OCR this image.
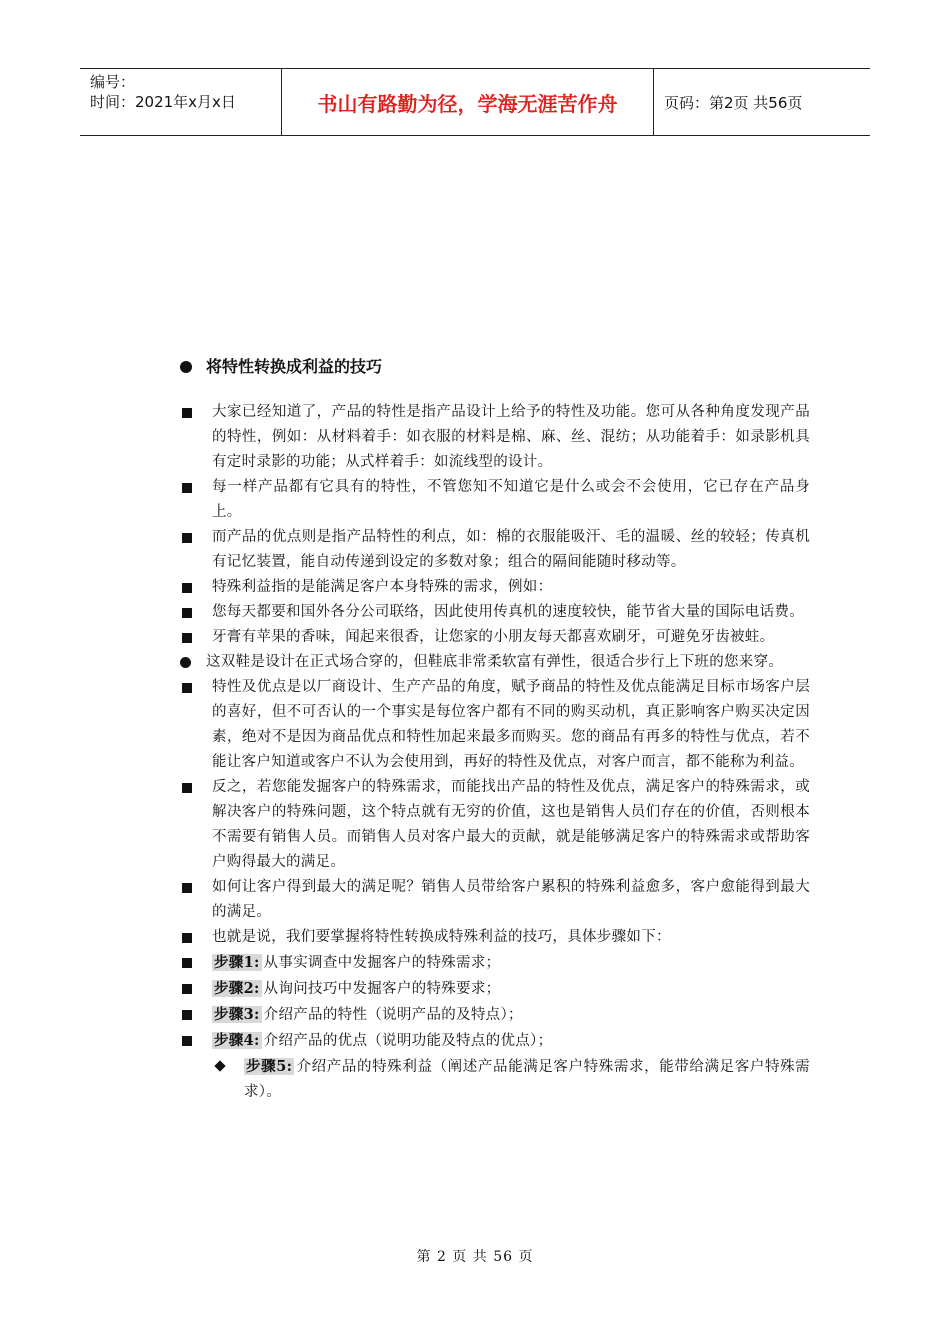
编号：
时间：2021年x月x日	书山有路勤为径，学海无涯苦作舟	页码：第2页 共56页
将特性转换成利益的技巧
大家已经知道了，产品的特性是指产品设计上给予的特性及功能。您可从各种角度发现产品的特性，例如：从材料着手：如衣服的材料是棉、麻、丝、混纺；从功能着手：如录影机具有定时录影的功能；从式样着手：如流线型的设计。
每一样产品都有它具有的特性，不管您知不知道它是什么或会不会使用，它已存在产品身上。
而产品的优点则是指产品特性的利点，如：棉的衣服能吸汗、毛的温暖、丝的较轻；传真机有记忆装置，能自动传递到设定的多数对象；组合的隔间能随时移动等。
特殊利益指的是能满足客户本身特殊的需求，例如：
您每天都要和国外各分公司联络，因此使用传真机的速度较快，能节省大量的国际电话费。
牙膏有苹果的香味，闻起来很香，让您家的小朋友每天都喜欢刷牙，可避免牙齿被蛀。
这双鞋是设计在正式场合穿的，但鞋底非常柔软富有弹性，很适合步行上下班的您来穿。
特性及优点是以厂商设计、生产产品的角度，赋予商品的特性及优点能满足目标市场客户层的喜好，但不可否认的一个事实是每位客户都有不同的购买动机，真正影响客户购买决定因素，绝对不是因为商品优点和特性加起来最多而购买。您的商品有再多的特性与优点，若不能让客户知道或客户不认为会使用到，再好的特性及优点，对客户而言，都不能称为利益。
反之，若您能发掘客户的特殊需求，而能找出产品的特性及优点，满足客户的特殊需求，或解决客户的特殊问题，这个特点就有无穷的价值，这也是销售人员们存在的价值，否则根本不需要有销售人员。而销售人员对客户最大的贡献，就是能够满足客户的特殊需求或帮助客户购得最大的满足。
如何让客户得到最大的满足呢？销售人员带给客户累积的特殊利益愈多，客户愈能得到最大的满足。
也就是说，我们要掌握将特性转换成特殊利益的技巧，具体步骤如下：
步骤1: 从事实调查中发掘客户的特殊需求；
步骤2: 从询问技巧中发掘客户的特殊要求；
步骤3: 介绍产品的特性（说明产品的及特点）；
步骤4: 介绍产品的优点（说明功能及特点的优点）；
步骤5: 介绍产品的特殊利益（阐述产品能满足客户特殊需求，能带给满足客户特殊需求）。
第 2 页 共 56 页
